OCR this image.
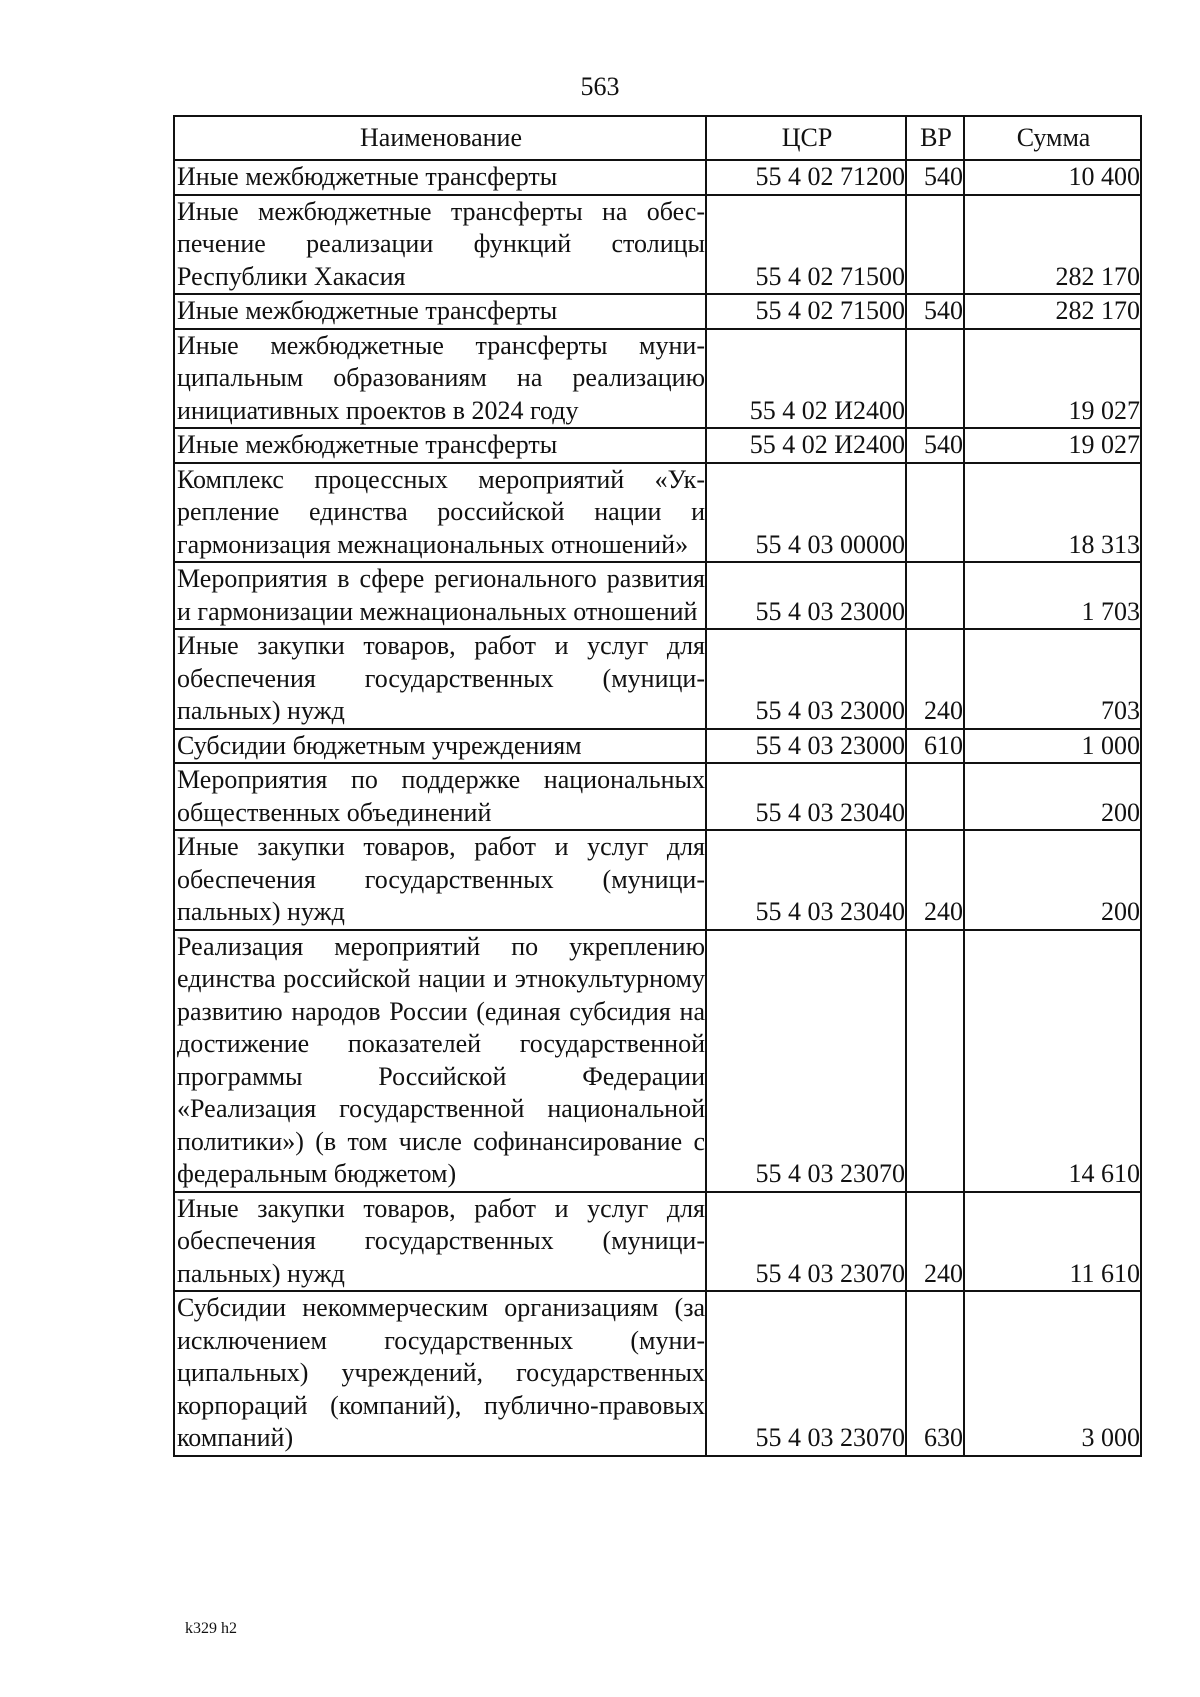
563
Наименование	ЦСР	ВР	Сумма
Иные межбюджетные трансферты	55 4 02 71200	540	10 400
Иные межбюджетные трансферты на обеспечение реализации функций столицы Республики Хакасия	55 4 02 71500		282 170
Иные межбюджетные трансферты	55 4 02 71500	540	282 170
Иные межбюджетные трансферты муниципальным образованиям на реализацию инициативных проектов в 2024 году	55 4 02 И2400		19 027
Иные межбюджетные трансферты	55 4 02 И2400	540	19 027
Комплекс процессных мероприятий «Укрепление единства российской нации и гармонизация межнациональных отношений»	55 4 03 00000		18 313
Мероприятия в сфере регионального развития и гармонизации межнациональных отношений	55 4 03 23000		1 703
Иные закупки товаров, работ и услуг для обеспечения государственных (муниципальных) нужд	55 4 03 23000	240	703
Субсидии бюджетным учреждениям	55 4 03 23000	610	1 000
Мероприятия по поддержке национальных общественных объединений	55 4 03 23040		200
Иные закупки товаров, работ и услуг для обеспечения государственных (муниципальных) нужд	55 4 03 23040	240	200
Реализация мероприятий по укреплению единства российской нации и этнокультурному развитию народов России (единая субсидия на достижение показателей государственной программы Российской Федерации «Реализация государственной национальной политики») (в том числе софинансирование с федеральным бюджетом)	55 4 03 23070		14 610
Иные закупки товаров, работ и услуг для обеспечения государственных (муниципальных) нужд	55 4 03 23070	240	11 610
Субсидии некоммерческим организациям (за исключением государственных (муниципальных) учреждений, государственных корпораций (компаний), публично-правовых компаний)	55 4 03 23070	630	3 000
k329 h2
